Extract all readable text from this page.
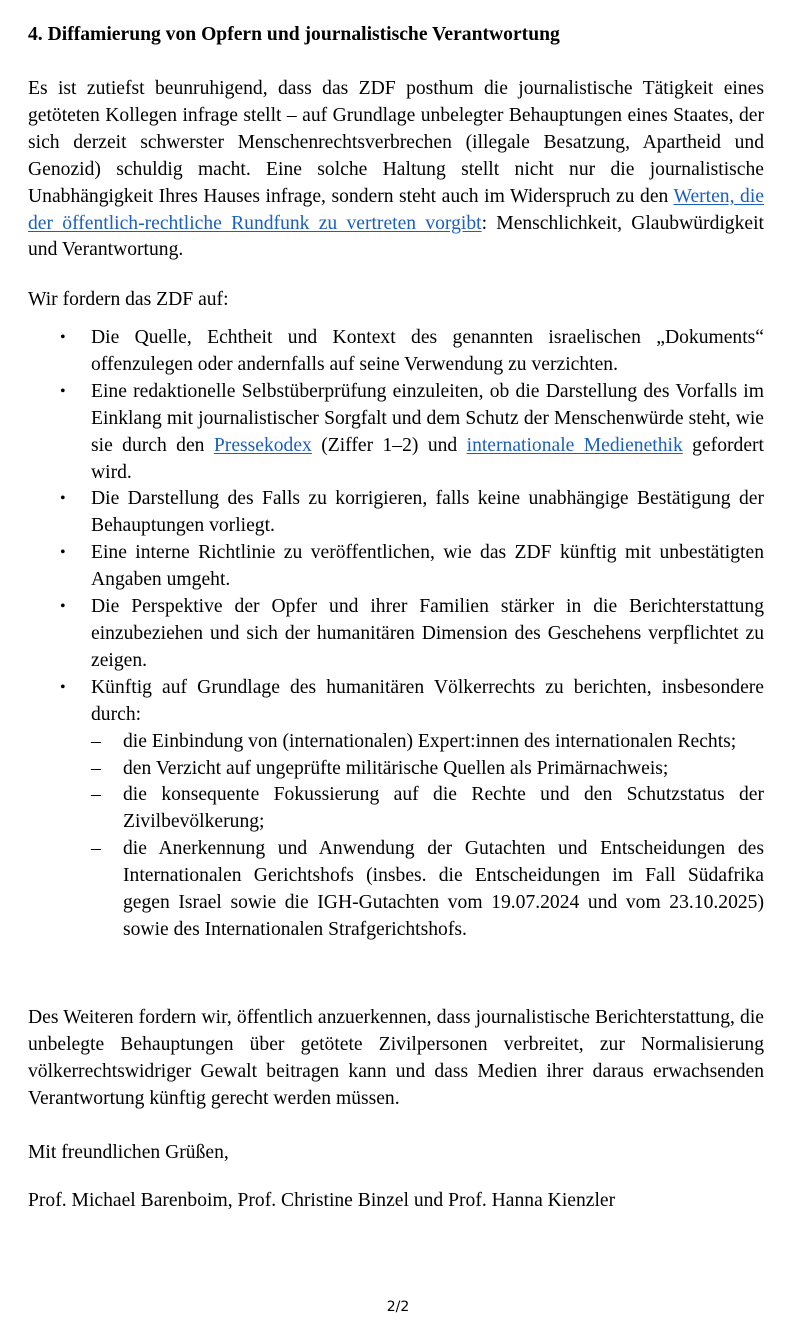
4. Diffamierung von Opfern und journalistische Verantwortung
Es ist zutiefst beunruhigend, dass das ZDF posthum die journalistische Tätigkeit eines getöteten Kollegen infrage stellt – auf Grundlage unbelegter Behauptungen eines Staates, der sich derzeit schwerster Menschenrechtsverbrechen (illegale Besatzung, Apartheid und Genozid) schuldig macht. Eine solche Haltung stellt nicht nur die journalistische Unabhängigkeit Ihres Hauses infrage, sondern steht auch im Widerspruch zu den Werten, die der öffentlich-rechtliche Rundfunk zu vertreten vorgibt: Menschlichkeit, Glaubwürdigkeit und Verantwortung.
Wir fordern das ZDF auf:
• Die Quelle, Echtheit und Kontext des genannten israelischen „Dokuments“ offenzulegen oder andernfalls auf seine Verwendung zu verzichten.
• Eine redaktionelle Selbstüberprüfung einzuleiten, ob die Darstellung des Vorfalls im Einklang mit journalistischer Sorgfalt und dem Schutz der Menschenwürde steht, wie sie durch den Pressekodex (Ziffer 1–2) und internationale Medienethik gefordert wird.
• Die Darstellung des Falls zu korrigieren, falls keine unabhängige Bestätigung der Behauptungen vorliegt.
• Eine interne Richtlinie zu veröffentlichen, wie das ZDF künftig mit unbestätigten Angaben umgeht.
• Die Perspektive der Opfer und ihrer Familien stärker in die Berichterstattung einzubeziehen und sich der humanitären Dimension des Geschehens verpflichtet zu zeigen.
• Künftig auf Grundlage des humanitären Völkerrechts zu berichten, insbesondere durch:
– die Einbindung von (internationalen) Expert:innen des internationalen Rechts;
– den Verzicht auf ungeprüfte militärische Quellen als Primärnachweis;
– die konsequente Fokussierung auf die Rechte und den Schutzstatus der Zivilbevölkerung;
– die Anerkennung und Anwendung der Gutachten und Entscheidungen des Internationalen Gerichtshofs (insbes. die Entscheidungen im Fall Südafrika gegen Israel sowie die IGH-Gutachten vom 19.07.2024 und vom 23.10.2025) sowie des Internationalen Strafgerichtshofs.
Des Weiteren fordern wir, öffentlich anzuerkennen, dass journalistische Berichterstattung, die unbelegte Behauptungen über getötete Zivilpersonen verbreitet, zur Normalisierung völkerrechtswidriger Gewalt beitragen kann und dass Medien ihrer daraus erwachsenden Verantwortung künftig gerecht werden müssen.
Mit freundlichen Grüßen,
Prof. Michael Barenboim, Prof. Christine Binzel und Prof. Hanna Kienzler
2/2
